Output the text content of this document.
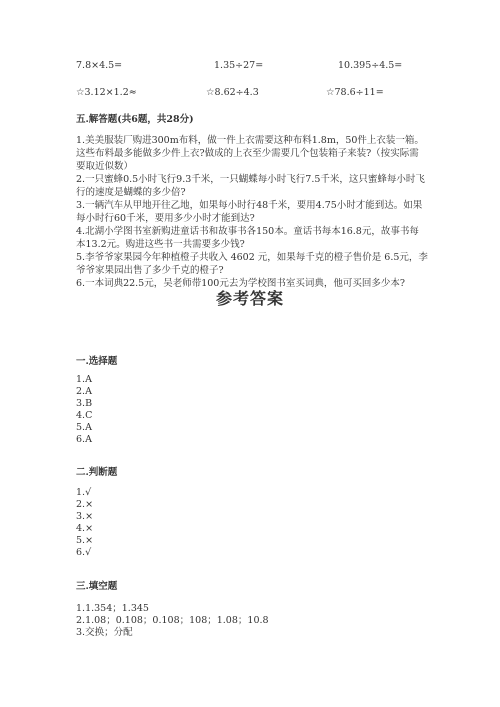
7.8×4.5=	1.35÷27=	10.395÷4.5=
☆3.12×1.2≈	☆8.62÷4.3	☆78.6÷11=
五.解答题(共6题，共28分)

1.美美服装厂购进300m布料，做一件上衣需要这种布料1.8m，50件上衣装一箱。这些布料最多能做多少件上衣?做成的上衣至少需要几个包装箱子来装?（按实际需要取近似数）

2.一只蜜蜂0.5小时飞行9.3千米，一只蝴蝶每小时飞行7.5千米，这只蜜蜂每小时飞行的速度是蝴蝶的多少倍?

3.一辆汽车从甲地开往乙地，如果每小时行48千米，要用4.75小时才能到达。如果每小时行60千米，要用多少小时才能到达?

4.北湖小学图书室新购进童话书和故事书各150本。童话书每本16.8元，故事书每本13.2元。购进这些书一共需要多少钱?

5.李爷爷家果园今年种植橙子共收入 4602 元，如果每千克的橙子售价是 6.5元，李爷爷家果园出售了多少千克的橙子?

6.一本词典22.5元，吴老师带100元去为学校图书室买词典，他可买回多少本?

参考答案
一.选择题
1.A
2.A
3.B
4.C
5.A
6.A
二.判断题
1.√
2.×
3.×
4.×
5.×
6.√
三.填空题
1.1.354；1.345
2.1.08；0.108；0.108；108；1.08；10.8
3.交换；分配
